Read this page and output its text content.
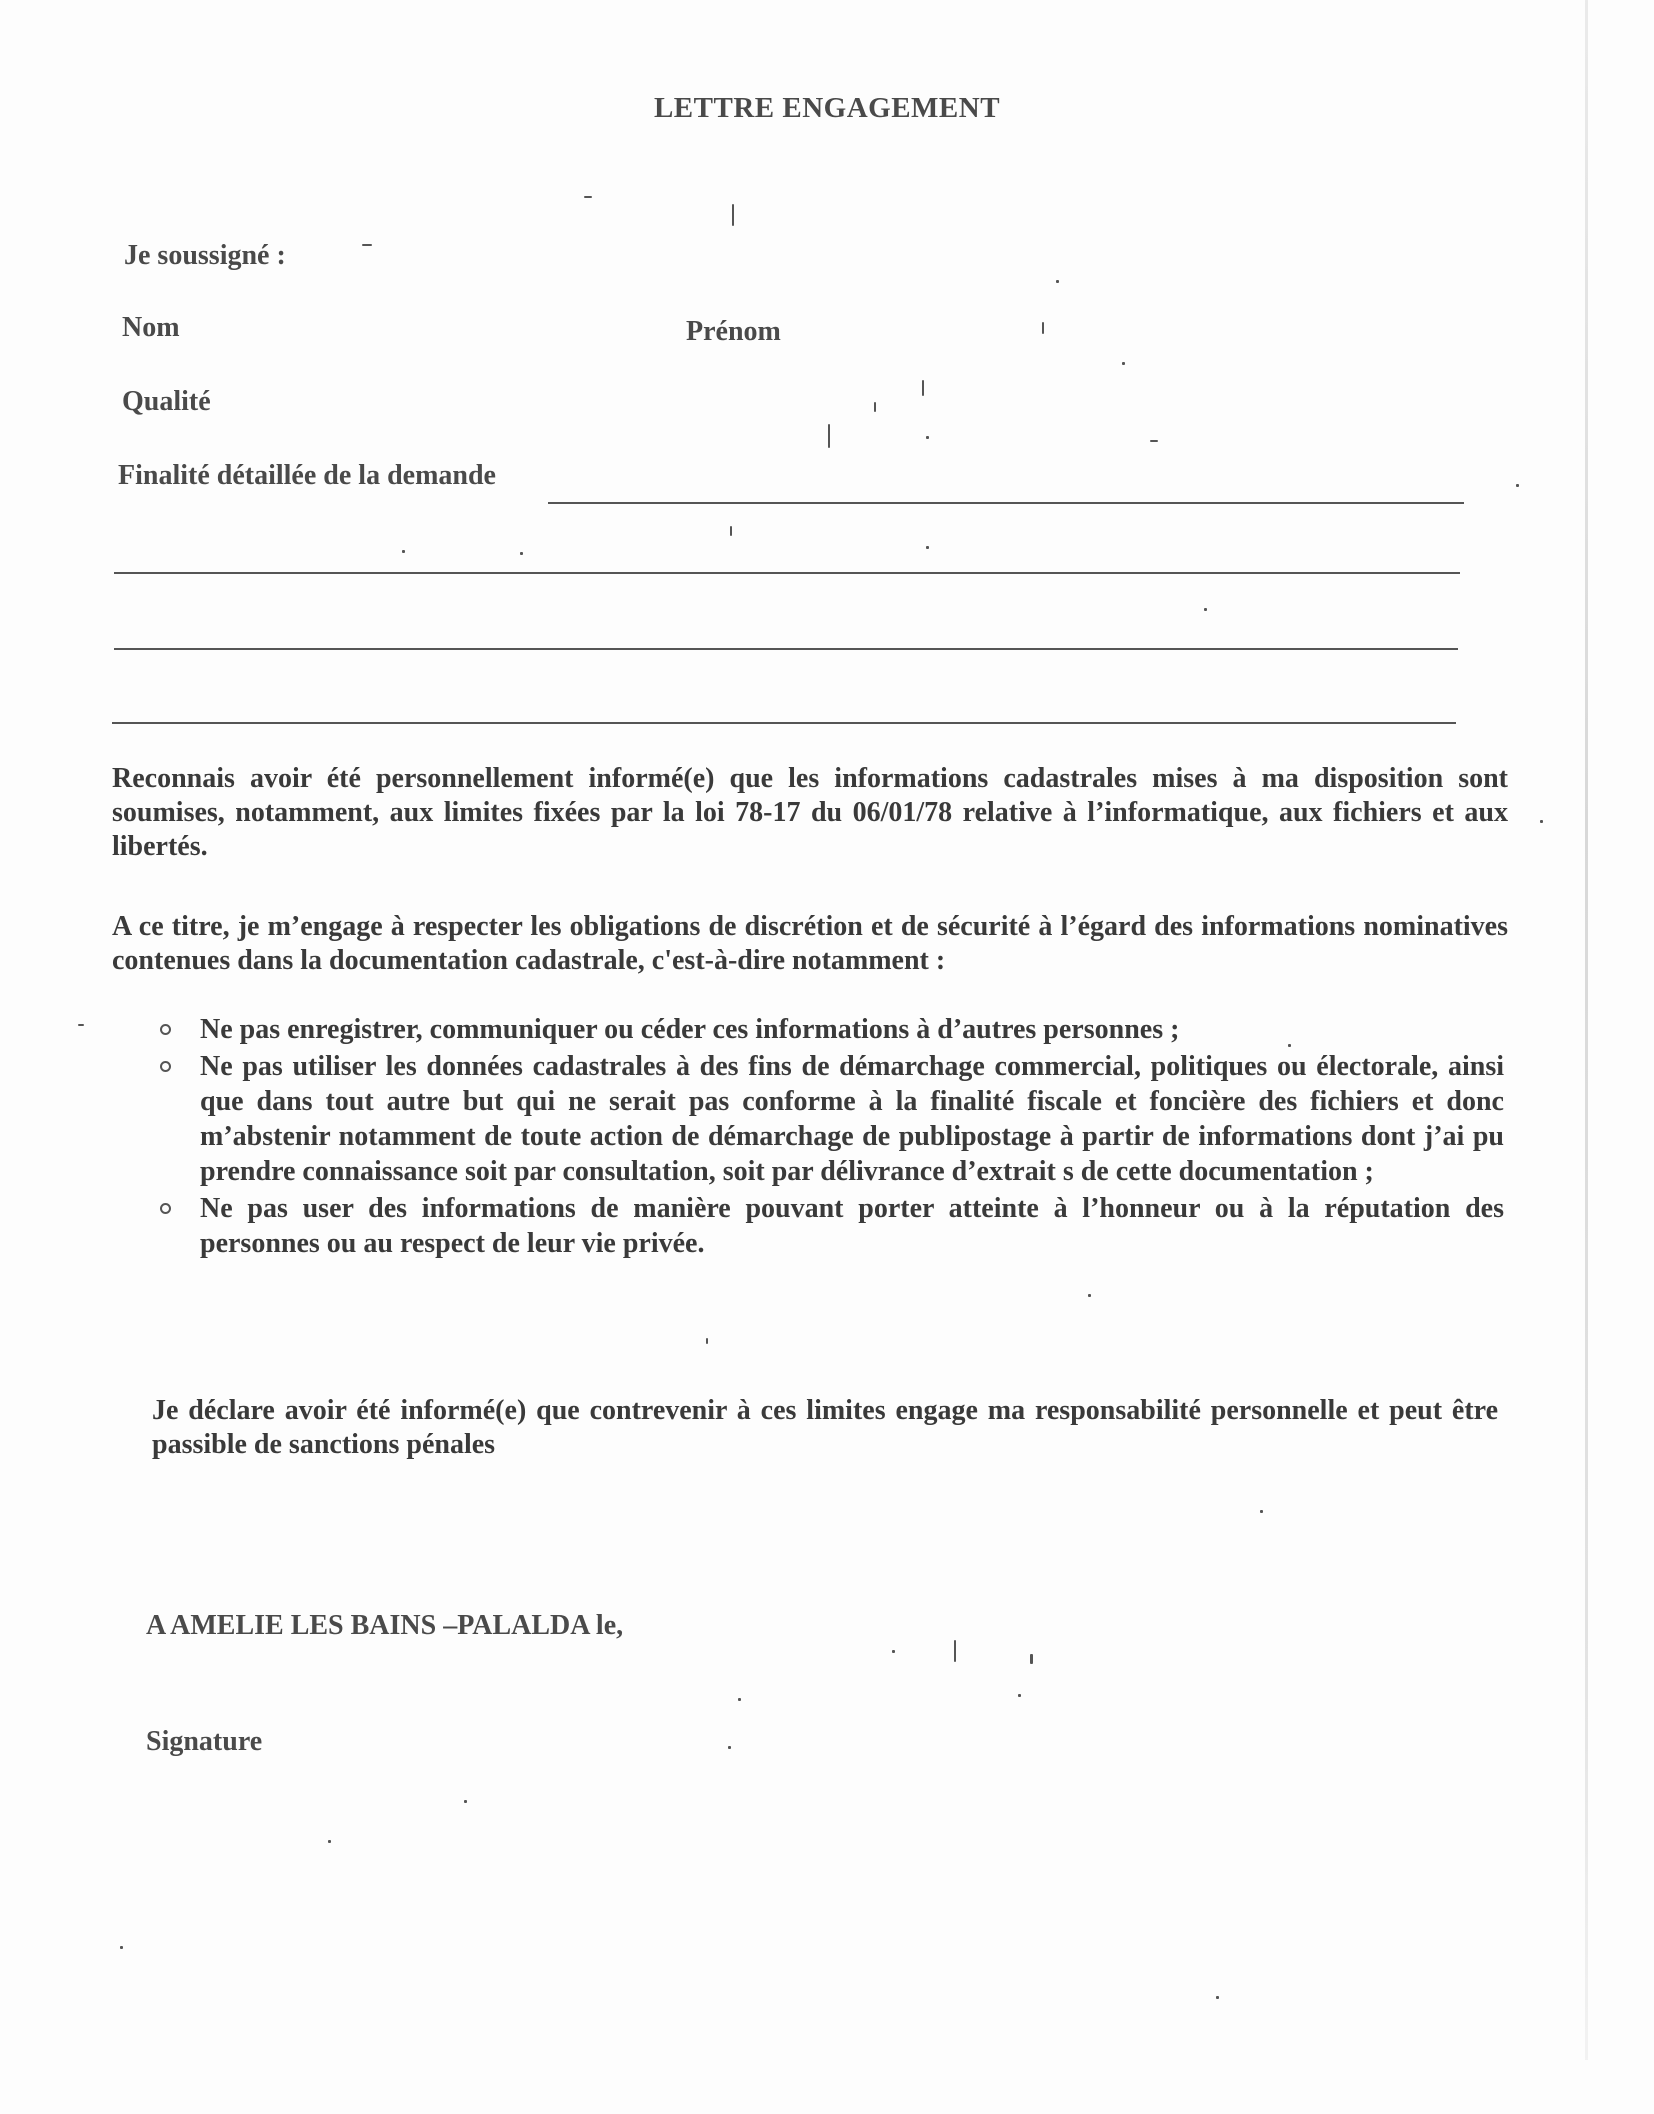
LETTRE ENGAGEMENT
Je soussigné :
Nom	Prénom
Qualité
Finalité détaillée de la demande
Reconnais avoir été personnellement informé(e) que les informations cadastrales mises à ma disposition sont soumises, notamment, aux limites fixées par la loi 78-17 du 06/01/78 relative à l’informatique, aux fichiers et aux libertés.
A ce titre, je m’engage à respecter les obligations de discrétion et de sécurité à l’égard des informations nominatives contenues dans la documentation cadastrale, c'est-à-dire notamment :
Ne pas enregistrer, communiquer ou céder ces informations à d’autres personnes ;
Ne pas utiliser les données cadastrales à des fins de démarchage commercial, politiques ou électorale, ainsi que dans tout autre but qui ne serait pas conforme à la finalité fiscale et foncière des fichiers et donc m’abstenir notamment de toute action de démarchage de publipostage à partir de informations dont j’ai pu prendre connaissance soit par consultation, soit par délivrance d’extrait s de cette documentation ;
Ne pas user des informations de manière pouvant porter atteinte à l’honneur ou à la réputation des personnes ou au respect de leur vie privée.
Je déclare avoir été informé(e) que contrevenir à ces limites engage ma responsabilité personnelle et peut être passible de sanctions pénales
A AMELIE LES BAINS –PALALDA le,
Signature
